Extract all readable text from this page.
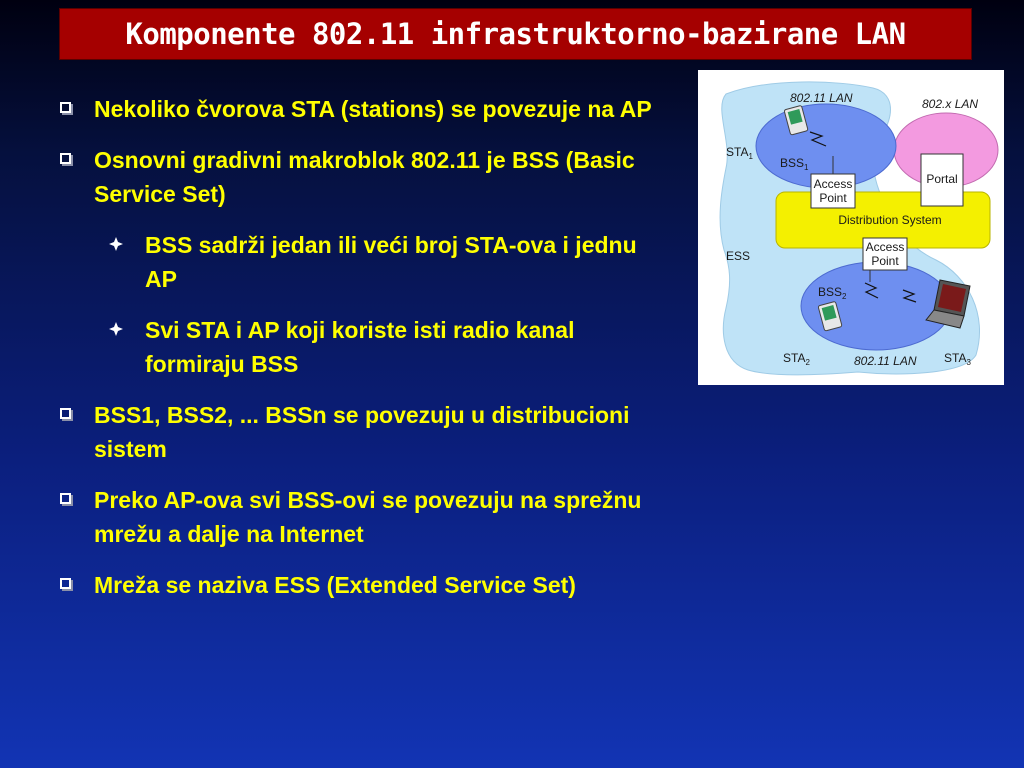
Komponente 802.11 infrastruktorno-bazirane LAN
Nekoliko čvorova STA (stations) se povezuje na AP
Osnovni gradivni makroblok 802.11 je BSS (Basic Service Set)
BSS sadrži jedan ili veći broj STA-ova i jednu AP
Svi STA i AP koji koriste isti radio kanal formiraju BSS
BSS1, BSS2, ... BSSn se povezuju u distribucioni sistem
Preko AP-ova svi BSS-ovi se povezuju na sprežnu mrežu a dalje na Internet
Mreža se naziva ESS (Extended Service Set)
802.11 LAN	802.x LAN
$STA_1$ $BSS_1$
Access
Point
Portal
Distribution System
ESS
Access
Point
$BSS_2$
$STA_2$	802.11 LAN $STA_3$
